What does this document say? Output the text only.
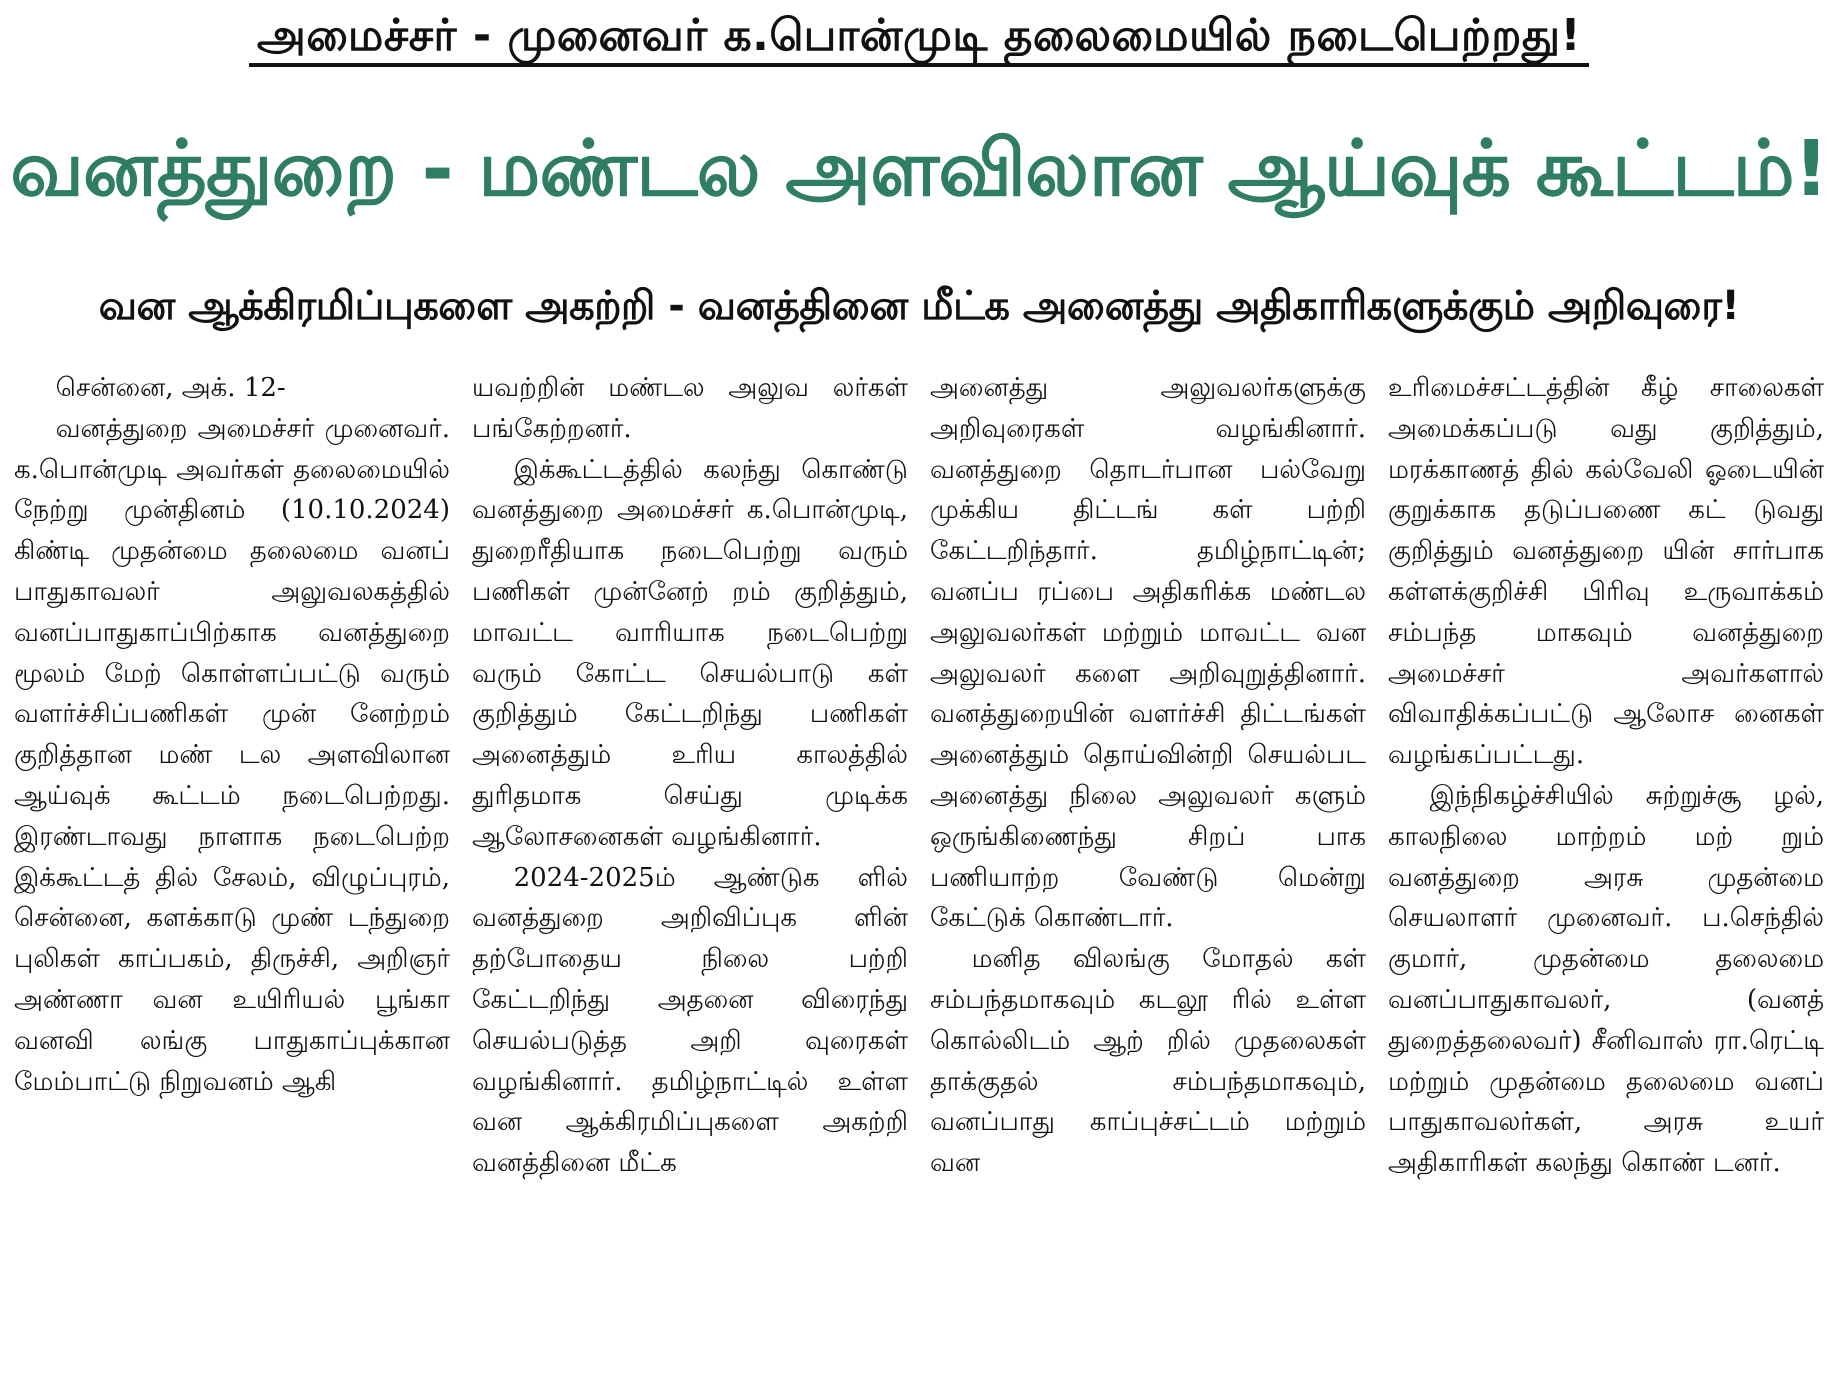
அமைச்சர் - முனைவர் க.பொன்முடி தலைமையில் நடைபெற்றது!
வனத்துறை - மண்டல அளவிலான ஆய்வுக் கூட்டம்!
வன ஆக்கிரமிப்புகளை அகற்றி - வனத்தினை மீட்க அனைத்து அதிகாரிகளுக்கும் அறிவுரை!

சென்னை, அக். 12-

வனத்துறை அமைச்சர் முனைவர். க.பொன்முடி அவர்கள் தலைமையில் நேற்று முன்தினம் (10.10.2024) கிண்டி முதன்மை தலைமை வனப் பாதுகாவலர் அலுவலகத்தில் வனப்பாதுகாப்பிற்காக வனத்துறை மூலம் மேற் கொள்ளப்பட்டு வரும் வளர்ச்சிப்பணிகள் முன் னேற்றம் குறித்தான மண் டல அளவிலான ஆய்வுக் கூட்டம் நடைபெற்றது. இரண்டாவது நாளாக நடைபெற்ற இக்கூட்டத் தில் சேலம், விழுப்புரம், சென்னை, களக்காடு முண் டந்துறை புலிகள் காப்பகம், திருச்சி, அறிஞர் அண்ணா வன உயிரியல் பூங்கா வனவி லங்கு பாதுகாப்புக்கான மேம்பாட்டு நிறுவனம் ஆகி

யவற்றின் மண்டல அலுவ லர்கள் பங்கேற்றனர்.

இக்கூட்டத்தில் கலந்து கொண்டு வனத்துறை அமைச்சர் க.பொன்முடி, துறைரீதியாக நடைபெற்று வரும் பணிகள் முன்னேற் றம் குறித்தும், மாவட்ட வாரியாக நடைபெற்று வரும் கோட்ட செயல்பாடு கள் குறித்தும் கேட்டறிந்து பணிகள் அனைத்தும் உரிய காலத்தில் துரிதமாக செய்து முடிக்க ஆலோசனைகள் வழங்கினார்.

2024-2025ம் ஆண்டுக ளில் வனத்துறை அறிவிப்புக ளின் தற்போதைய நிலை பற்றி கேட்டறிந்து அதனை விரைந்து செயல்படுத்த அறி வுரைகள் வழங்கினார். தமிழ்நாட்டில் உள்ள வன ஆக்கிரமிப்புகளை அகற்றி வனத்தினை மீட்க

அனைத்து அலுவலர்களுக்கு அறிவுரைகள் வழங்கினார். வனத்துறை தொடர்பான பல்வேறு முக்கிய திட்டங் கள் பற்றி கேட்டறிந்தார். தமிழ்நாட்டின்; வனப்ப ரப்பை அதிகரிக்க மண்டல அலுவலர்கள் மற்றும் மாவட்ட வன அலுவலர் களை அறிவுறுத்தினார். வனத்துறையின் வளர்ச்சி திட்டங்கள் அனைத்தும் தொய்வின்றி செயல்பட அனைத்து நிலை அலுவலர் களும் ஒருங்கிணைந்து சிறப் பாக பணியாற்ற வேண்டு மென்று கேட்டுக் கொண்டார்.

மனித விலங்கு மோதல் கள் சம்பந்தமாகவும் கடலூ ரில் உள்ள கொல்லிடம் ஆற் றில் முதலைகள் தாக்குதல் சம்பந்தமாகவும், வனப்பாது காப்புச்சட்டம் மற்றும் வன

உரிமைச்சட்டத்தின் கீழ் சாலைகள் அமைக்கப்படு வது குறித்தும், மரக்காணத் தில் கல்வேலி ஓடையின் குறுக்காக தடுப்பணை கட் டுவது குறித்தும் வனத்துறை யின் சார்பாக கள்ளக்குறிச்சி பிரிவு உருவாக்கம் சம்பந்த மாகவும் வனத்துறை அமைச்சர் அவர்களால் விவாதிக்கப்பட்டு ஆலோச னைகள் வழங்கப்பட்டது.

இந்நிகழ்ச்சியில் சுற்றுச்சூ ழல், காலநிலை மாற்றம் மற் றும் வனத்துறை அரசு முதன்மை செயலாளர் முனைவர். ப.செந்தில் குமார், முதன்மை தலைமை வனப்பாதுகாவலர், (வனத் துறைத்தலைவர்) சீனிவாஸ் ரா.ரெட்டி மற்றும் முதன்மை தலைமை வனப் பாதுகாவலர்கள், அரசு உயர் அதிகாரிகள் கலந்து கொண் டனர்.
